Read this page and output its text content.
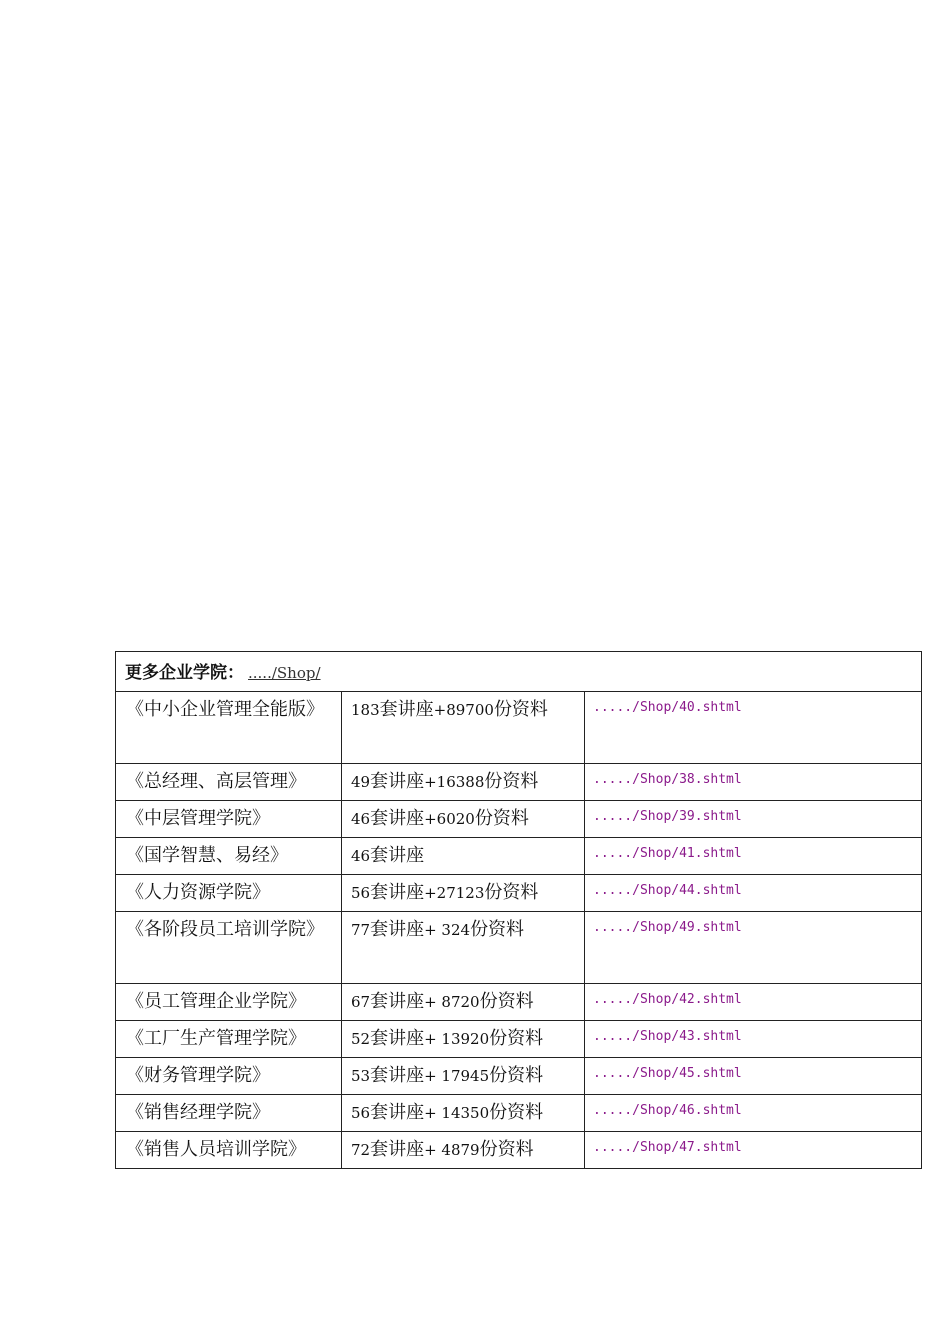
更多企业学院： ...../Shop/		
《中小企业管理全能版》	183套讲座+89700份资料	...../Shop/40.shtml
《总经理、高层管理》	49套讲座+16388份资料	...../Shop/38.shtml
《中层管理学院》	46套讲座+6020份资料	...../Shop/39.shtml
《国学智慧、易经》	46套讲座	...../Shop/41.shtml
《人力资源学院》	56套讲座+27123份资料	...../Shop/44.shtml
《各阶段员工培训学院》	77套讲座+ 324份资料	...../Shop/49.shtml
《员工管理企业学院》	67套讲座+ 8720份资料	...../Shop/42.shtml
《工厂生产管理学院》	52套讲座+ 13920份资料	...../Shop/43.shtml
《财务管理学院》	53套讲座+ 17945份资料	...../Shop/45.shtml
《销售经理学院》	56套讲座+ 14350份资料	...../Shop/46.shtml
《销售人员培训学院》	72套讲座+ 4879份资料	...../Shop/47.shtml
